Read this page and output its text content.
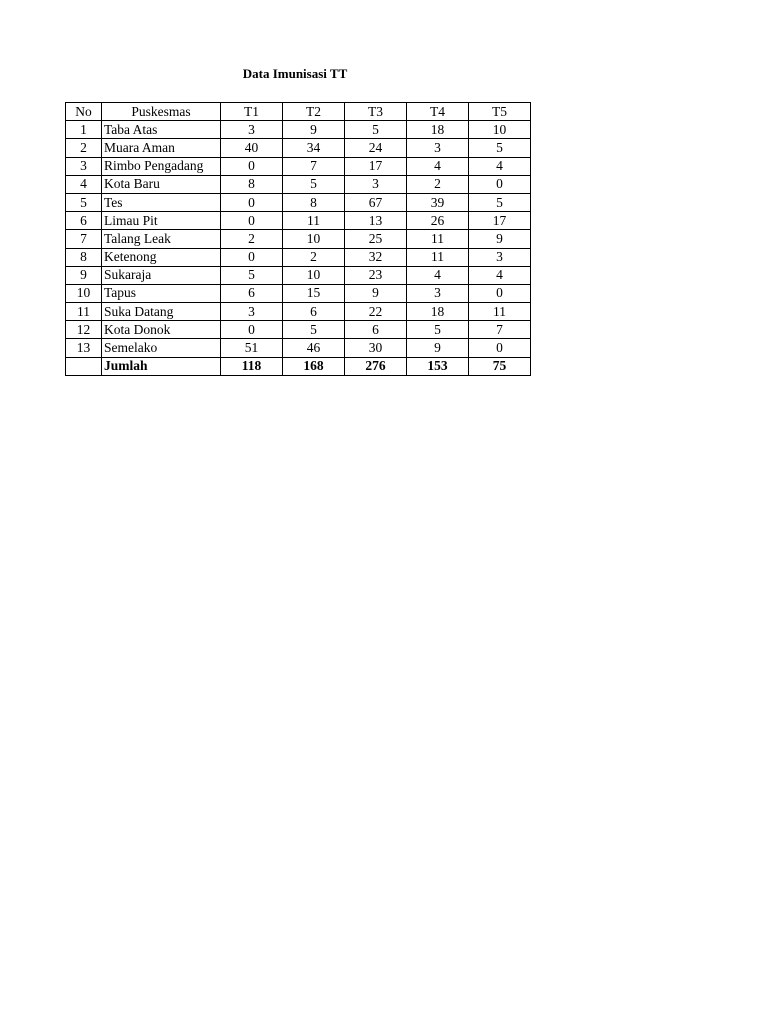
Data Imunisasi TT
No	Puskesmas	T1	T2	T3	T4	T5
1	Taba Atas	3	9	5	18	10
2	Muara Aman	40	34	24	3	5
3	Rimbo Pengadang	0	7	17	4	4
4	Kota Baru	8	5	3	2	0
5	Tes	0	8	67	39	5
6	Limau Pit	0	11	13	26	17
7	Talang Leak	2	10	25	11	9
8	Ketenong	0	2	32	11	3
9	Sukaraja	5	10	23	4	4
10	Tapus	6	15	9	3	0
11	Suka Datang	3	6	22	18	11
12	Kota Donok	0	5	6	5	7
13	Semelako	51	46	30	9	0
	Jumlah	118	168	276	153	75
